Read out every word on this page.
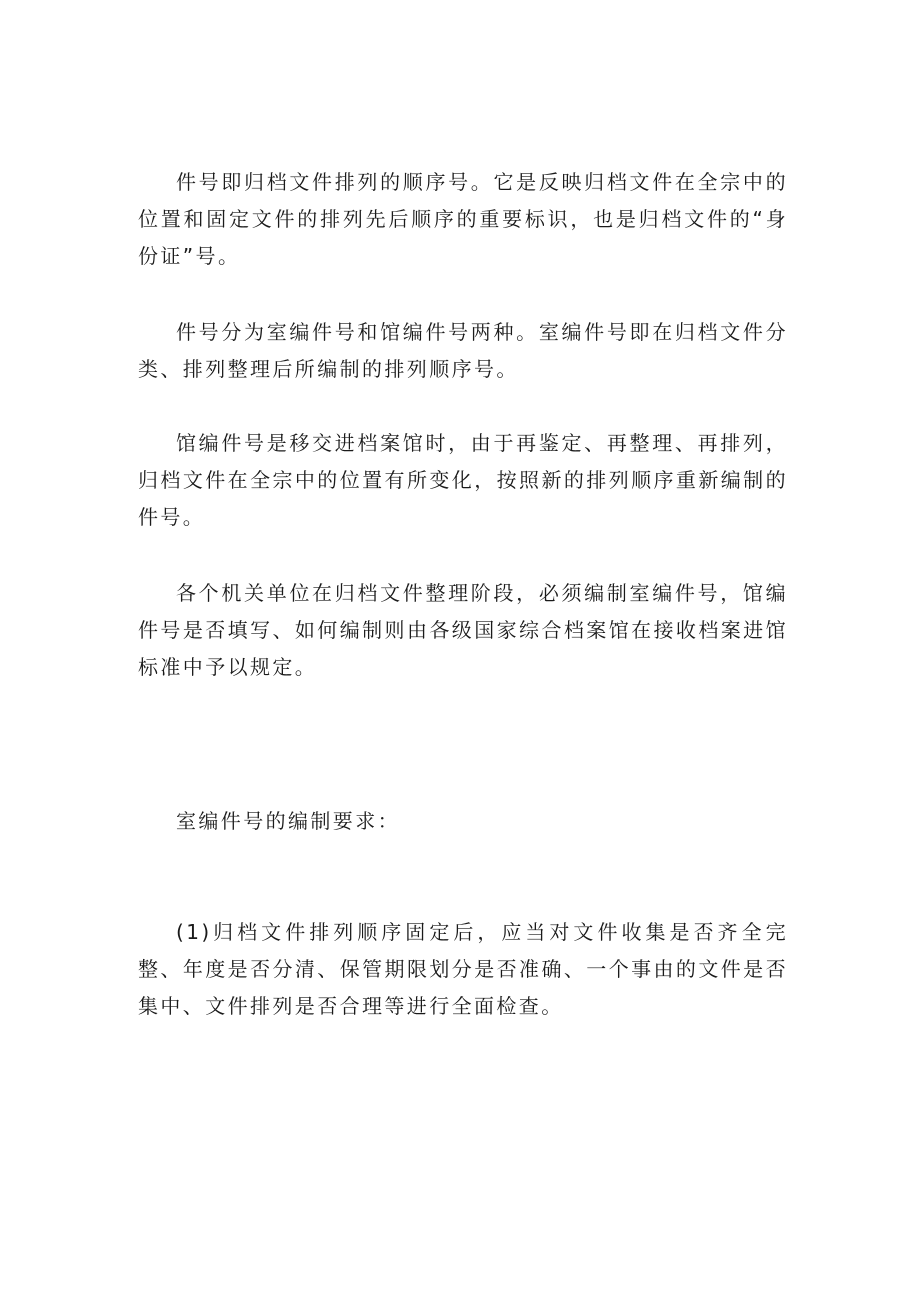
件号即归档文件排列的顺序号。它是反映归档文件在全宗中的位置和固定文件的排列先后顺序的重要标识，也是归档文件的“身份证”号。

件号分为室编件号和馆编件号两种。室编件号即在归档文件分类、排列整理后所编制的排列顺序号。

馆编件号是移交进档案馆时，由于再鉴定、再整理、再排列，归档文件在全宗中的位置有所变化，按照新的排列顺序重新编制的件号。

各个机关单位在归档文件整理阶段，必须编制室编件号，馆编件号是否填写、如何编制则由各级国家综合档案馆在接收档案进馆标准中予以规定。

室编件号的编制要求：

(1)归档文件排列顺序固定后，应当对文件收集是否齐全完整、年度是否分清、保管期限划分是否准确、一个事由的文件是否集中、文件排列是否合理等进行全面检查。
